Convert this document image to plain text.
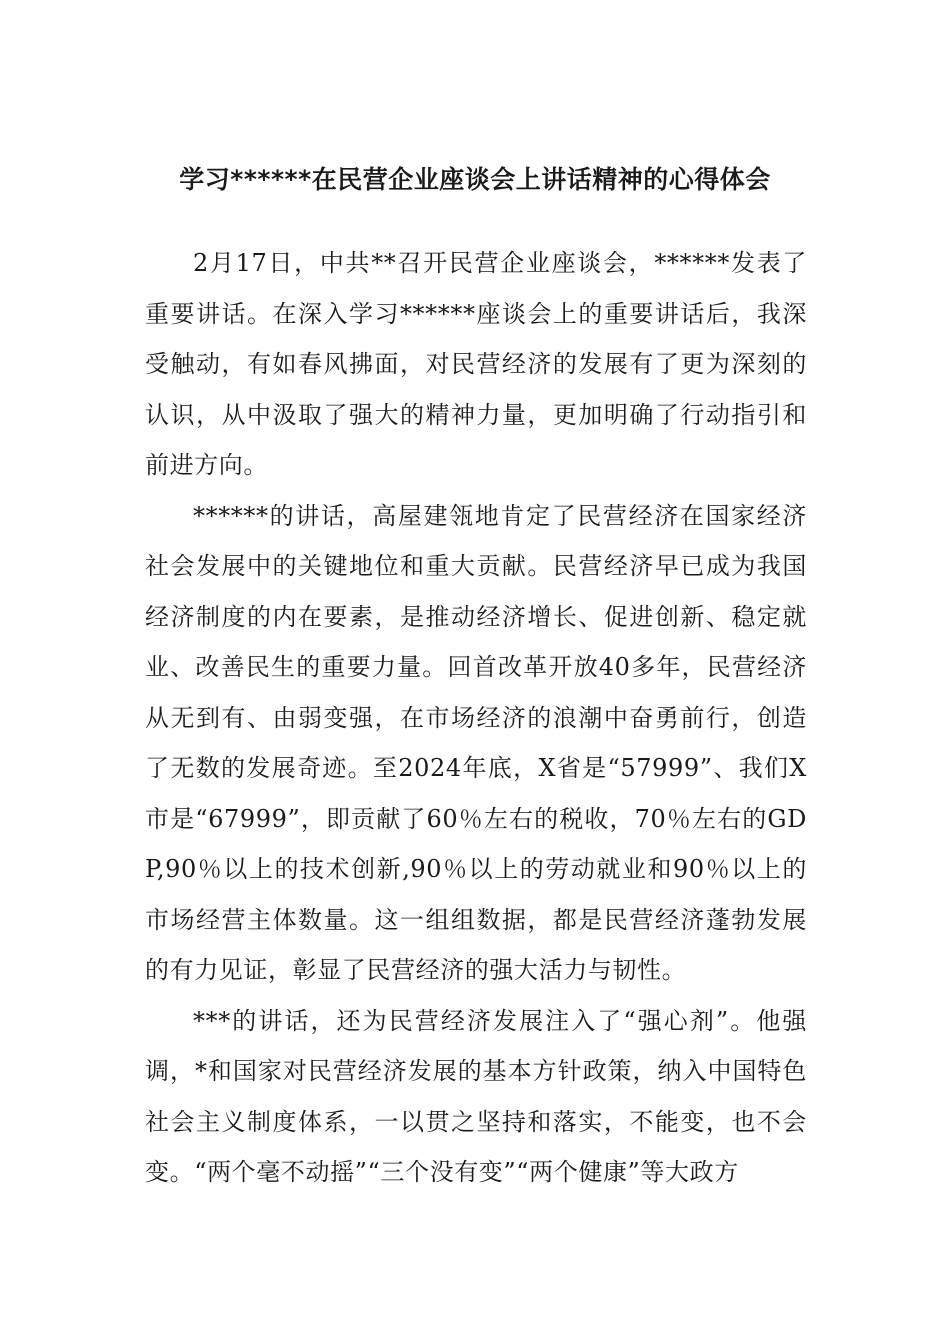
学习******在民营企业座谈会上讲话精神的心得体会

2月17日，中共**召开民营企业座谈会，******发表了重要讲话。在深入学习******座谈会上的重要讲话后，我深受触动，有如春风拂面，对民营经济的发展有了更为深刻的认识，从中汲取了强大的精神力量，更加明确了行动指引和前进方向。

******的讲话，高屋建瓴地肯定了民营经济在国家经济社会发展中的关键地位和重大贡献。民营经济早已成为我国经济制度的内在要素，是推动经济增长、促进创新、稳定就业、改善民生的重要力量。回首改革开放40多年，民营经济从无到有、由弱变强，在市场经济的浪潮中奋勇前行，创造了无数的发展奇迹。至2024年底，X省是“57999”、我们X市是“67999”，即贡献了60％左右的税收，70％左右的GDP,90％以上的技术创新,90％以上的劳动就业和90％以上的市场经营主体数量。这一组组数据，都是民营经济蓬勃发展的有力见证，彰显了民营经济的强大活力与韧性。

***的讲话，还为民营经济发展注入了“强心剂”。他强调，*和国家对民营经济发展的基本方针政策，纳入中国特色社会主义制度体系，一以贯之坚持和落实，不能变，也不会变。“两个毫不动摇”“三个没有变”“两个健康”等大政方
